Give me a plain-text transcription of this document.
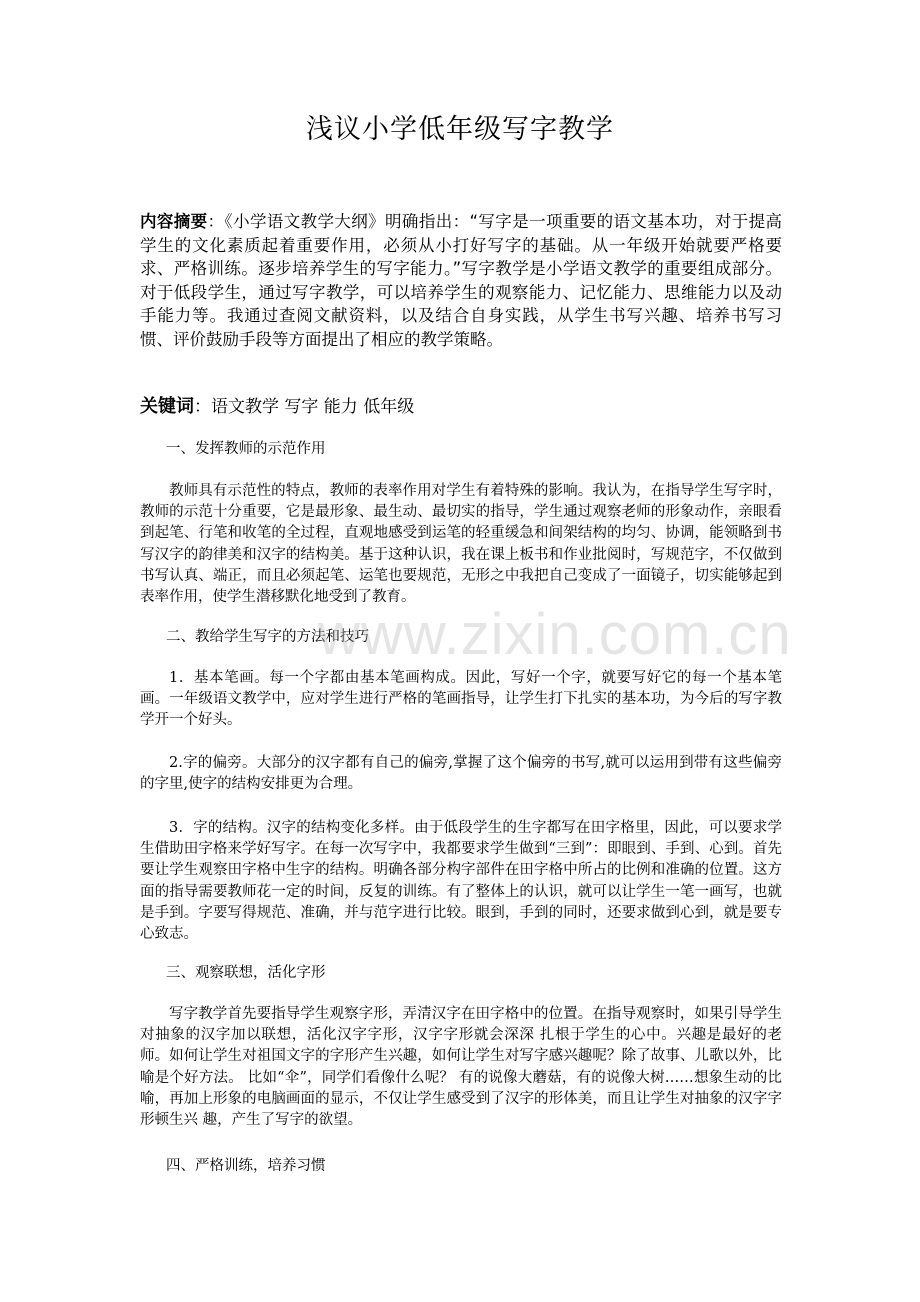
浅议小学低年级写字教学
内容摘要：《小学语文教学大纲》明确指出：“写字是一项重要的语文基本功，对于提高学生的文化素质起着重要作用，必须从小打好写字的基础。从一年级开始就要严格要求、严格训练。逐步培养学生的写字能力。”写字教学是小学语文教学的重要组成部分。对于低段学生，通过写字教学，可以培养学生的观察能力、记忆能力、思维能力以及动手能力等。我通过查阅文献资料，以及结合自身实践，从学生书写兴趣、培养书写习惯、评价鼓励手段等方面提出了相应的教学策略。
关键词：语文教学 写字 能力 低年级
一、发挥教师的示范作用
教师具有示范性的特点，教师的表率作用对学生有着特殊的影响。我认为，在指导学生写字时，教师的示范十分重要，它是最形象、最生动、最切实的指导，学生通过观察老师的形象动作，亲眼看到起笔、行笔和收笔的全过程，直观地感受到运笔的轻重缓急和间架结构的均匀、协调，能领略到书写汉字的韵律美和汉字的结构美。基于这种认识，我在课上板书和作业批阅时，写规范字，不仅做到书写认真、端正，而且必须起笔、运笔也要规范，无形之中我把自己变成了一面镜子，切实能够起到表率作用，使学生潜移默化地受到了教育。
二、教给学生写字的方法和技巧
1．基本笔画。每一个字都由基本笔画构成。因此，写好一个字，就要写好它的每一个基本笔画。一年级语文教学中，应对学生进行严格的笔画指导，让学生打下扎实的基本功，为今后的写字教学开一个好头。
2.字的偏旁。大部分的汉字都有自己的偏旁,掌握了这个偏旁的书写,就可以运用到带有这些偏旁的字里,使字的结构安排更为合理。
3．字的结构。汉字的结构变化多样。由于低段学生的生字都写在田字格里，因此，可以要求学生借助田字格来学好写字。在每一次写字中，我都要求学生做到“三到”：即眼到、手到、心到。首先要让学生观察田字格中生字的结构。明确各部分构字部件在田字格中所占的比例和准确的位置。这方面的指导需要教师花一定的时间，反复的训练。有了整体上的认识，就可以让学生一笔一画写，也就是手到。字要写得规范、准确，并与范字进行比较。眼到，手到的同时，还要求做到心到，就是要专心致志。
三、观察联想，活化字形
写字教学首先要指导学生观察字形，弄清汉字在田字格中的位置。在指导观察时，如果引导学生对抽象的汉字加以联想，活化汉字字形，汉字字形就会深深 扎根于学生的心中。兴趣是最好的老师。如何让学生对祖国文字的字形产生兴趣，如何让学生对写字感兴趣呢？除了故事、儿歌以外，比喻是个好方法。 比如“伞”，同学们看像什么呢？ 有的说像大蘑菇，有的说像大树……想象生动的比喻，再加上形象的电脑画面的显示，不仅让学生感受到了汉字的形体美，而且让学生对抽象的汉字字形顿生兴 趣，产生了写字的欲望。
四、严格训练，培养习惯
www.zixin.com.cn
